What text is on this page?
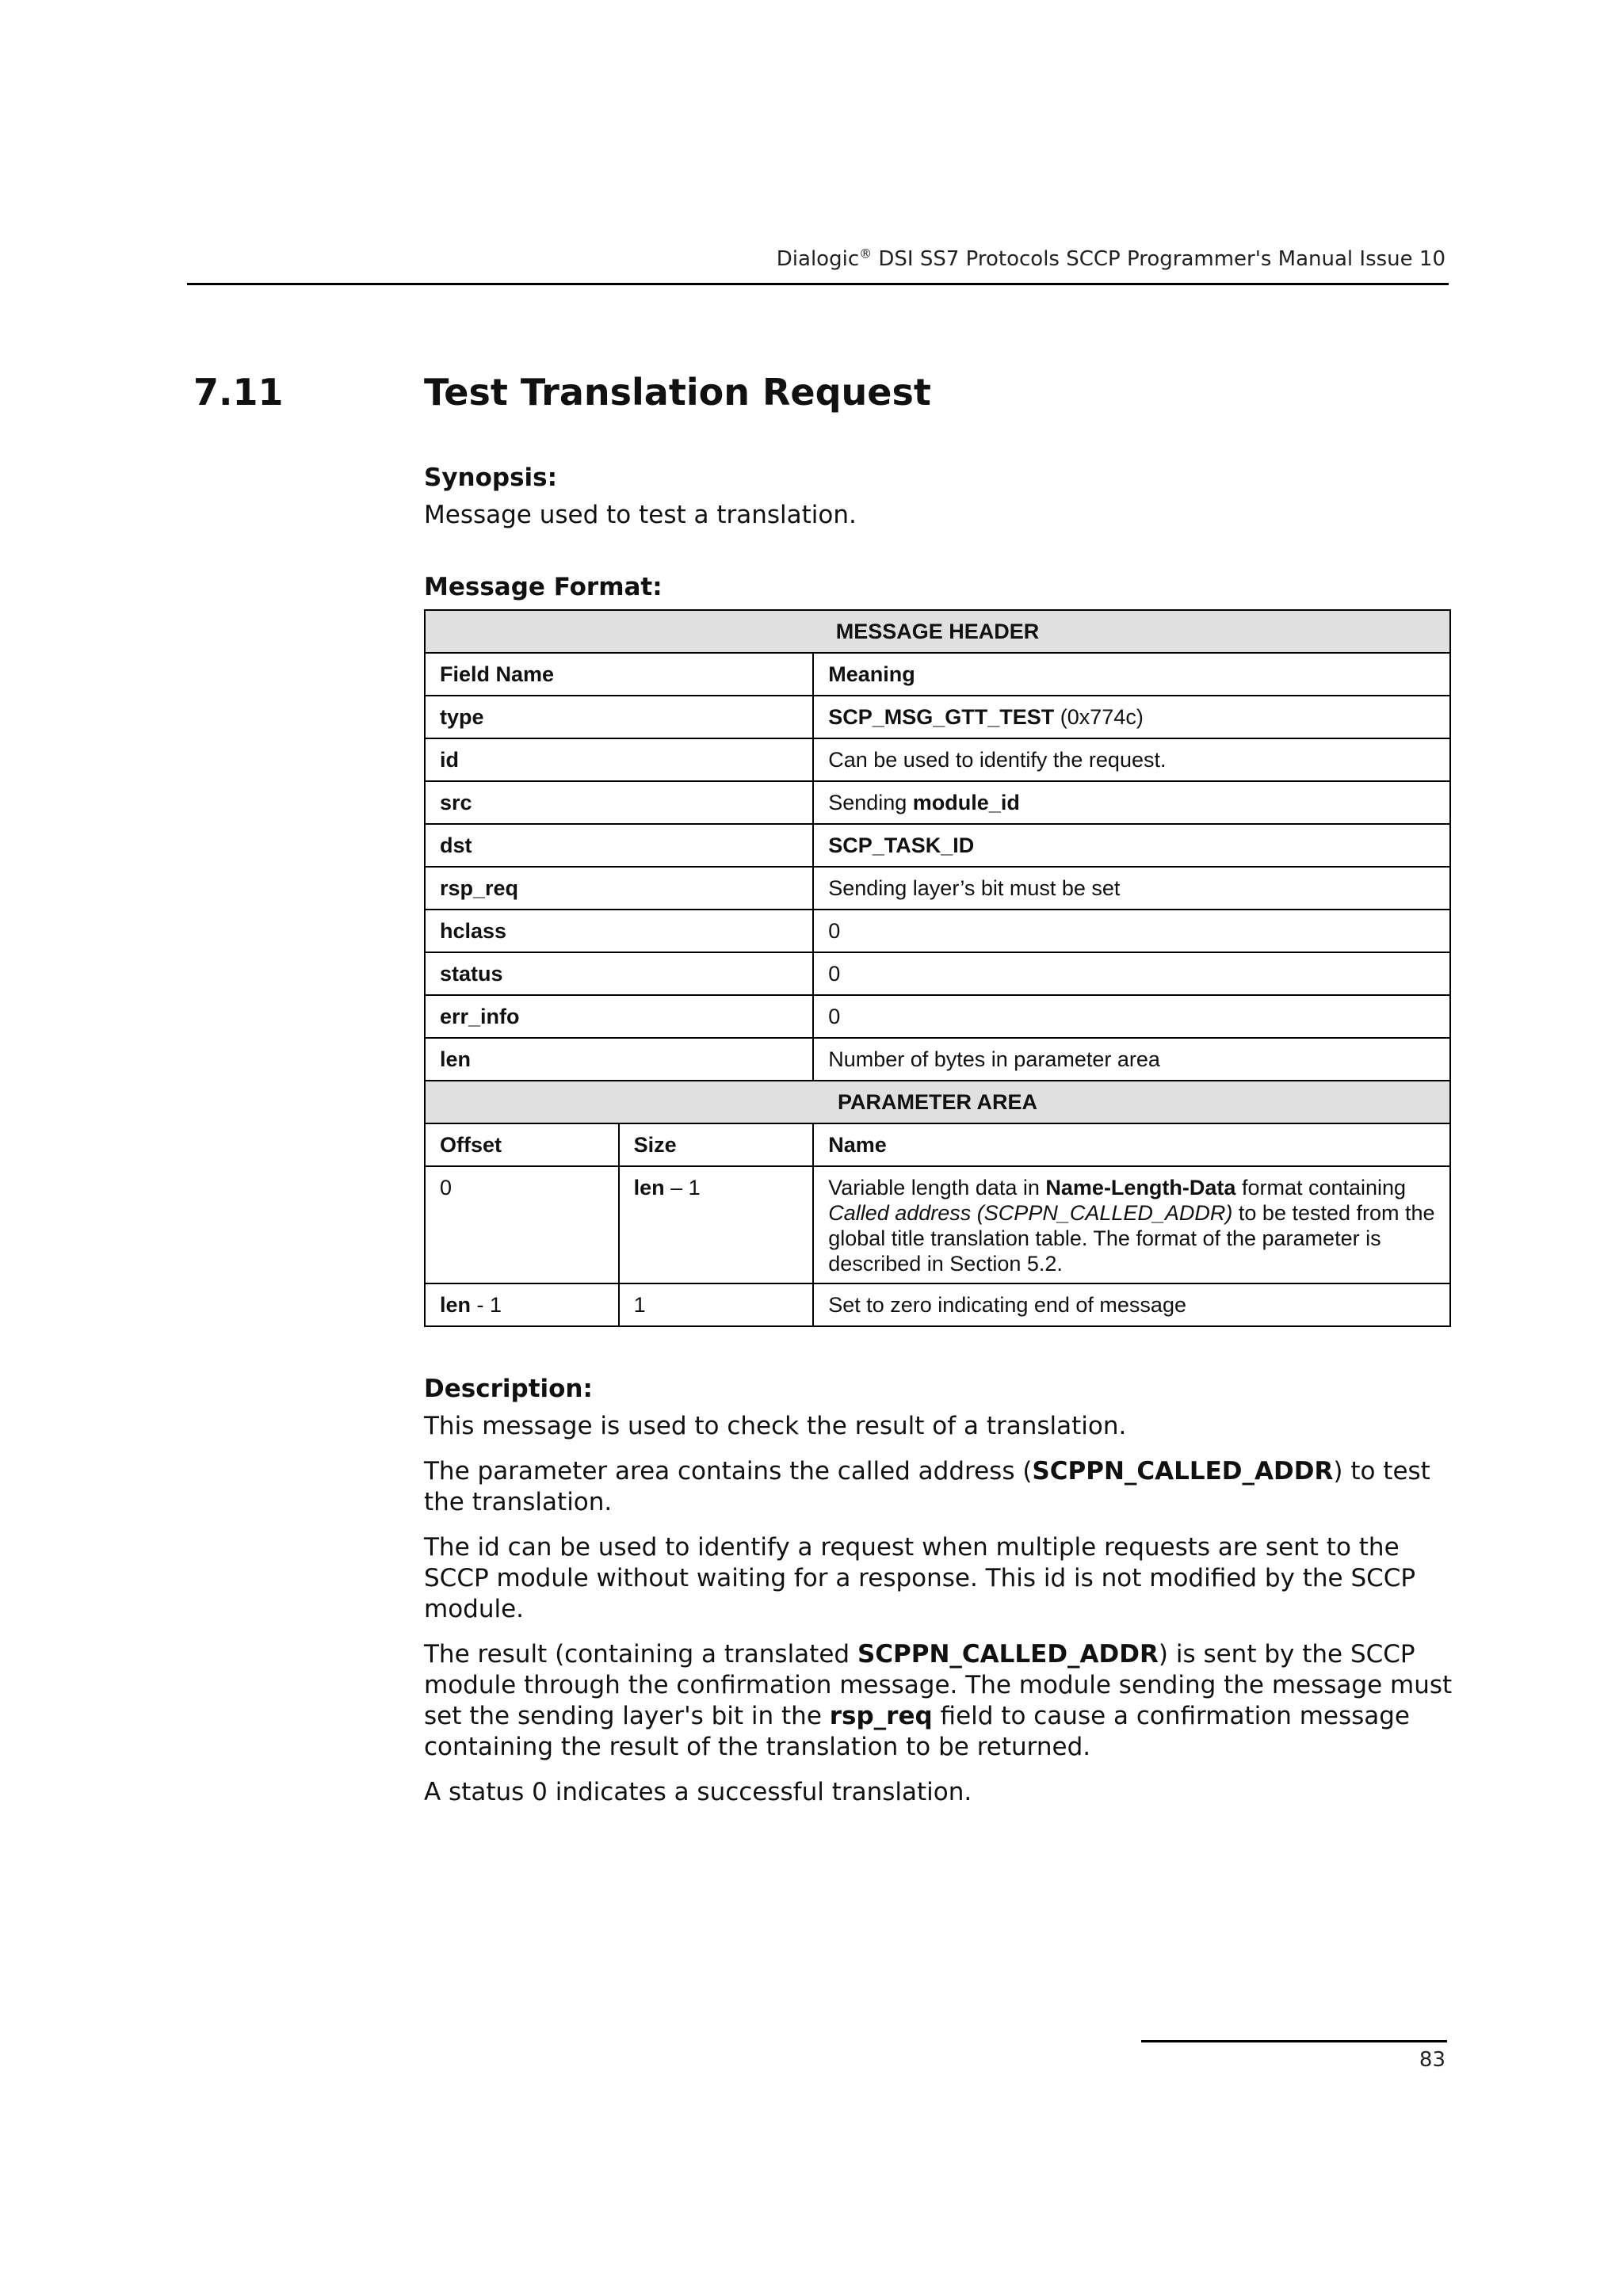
Dialogic® DSI SS7 Protocols SCCP Programmer's Manual Issue 10
7.11	Test Translation Request

Synopsis:

Message used to test a translation.

Message Format:

MESSAGE HEADER		
Field Name		Meaning
type		SCP_MSG_GTT_TEST (0x774c)
id		Can be used to identify the request.
src		Sending module_id
dst		SCP_TASK_ID
rsp_req		Sending layer’s bit must be set
hclass		0
status		0
err_info		0
len		Number of bytes in parameter area
PARAMETER AREA		
Offset	Size	Name
0	len – 1	Variable length data in Name-Length-Data format containing Called address (SCPPN_CALLED_ADDR) to be tested from the global title translation table. The format of the parameter is described in Section 5.2.
len - 1	1	Set to zero indicating end of message

Description:

This message is used to check the result of a translation.

The parameter area contains the called address (SCPPN_CALLED_ADDR) to test the translation.

The id can be used to identify a request when multiple requests are sent to the SCCP module without waiting for a response. This id is not modified by the SCCP module.

The result (containing a translated SCPPN_CALLED_ADDR) is sent by the SCCP module through the confirmation message. The module sending the message must set the sending layer's bit in the rsp_req field to cause a confirmation message containing the result of the translation to be returned.

A status 0 indicates a successful translation.

83
